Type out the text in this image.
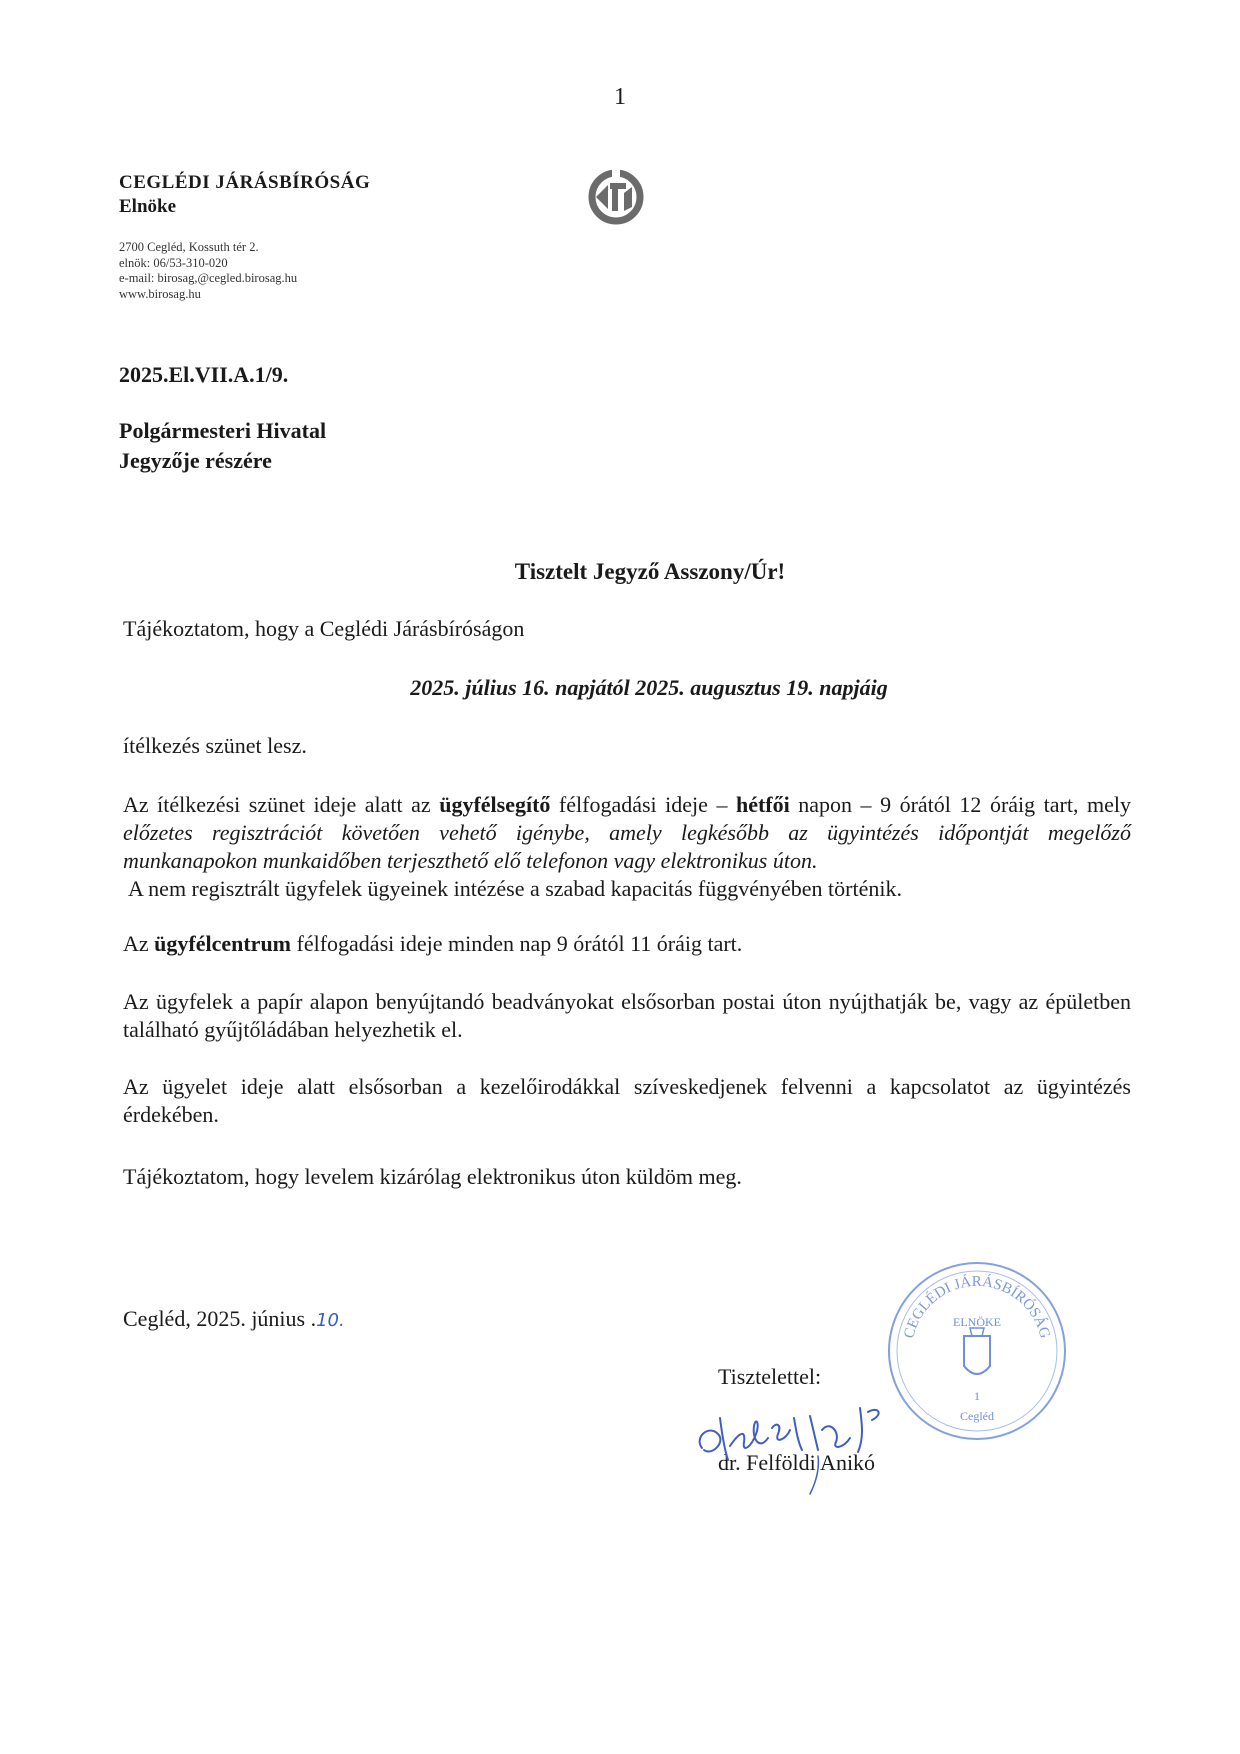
1
CEGLÉDI JÁRÁSBÍRÓSÁG
Elnöke
2700 Cegléd, Kossuth tér 2.
elnök: 06/53-310-020
e-mail: birosag,@cegled.birosag.hu
www.birosag.hu
2025.El.VII.A.1/9.
Polgármesteri Hivatal
Jegyzője részére
Tisztelt Jegyző Asszony/Úr!
Tájékoztatom, hogy a Ceglédi Járásbíróságon
2025. július 16. napjától 2025. augusztus 19. napjáig
ítélkezés szünet lesz.
Az ítélkezési szünet ideje alatt az ügyfélsegítő félfogadási ideje – hétfői napon – 9 órától 12 óráig tart, mely előzetes regisztrációt követően vehető igénybe, amely legkésőbb az ügyintézés időpontját megelőző munkanapokon munkaidőben terjeszthető elő telefonon vagy elektronikus úton.
A nem regisztrált ügyfelek ügyeinek intézése a szabad kapacitás függvényében történik.
Az ügyfélcentrum félfogadási ideje minden nap 9 órától 11 óráig tart.
Az ügyfelek a papír alapon benyújtandó beadványokat elsősorban postai úton nyújthatják be, vagy az épületben található gyűjtőládában helyezhetik el.
Az ügyelet ideje alatt elsősorban a kezelőirodákkal szíveskedjenek felvenni a kapcsolatot az ügyintézés érdekében.
Tájékoztatom, hogy levelem kizárólag elektronikus úton küldöm meg.
Cegléd, 2025. június .10.
CEGLÉDI JÁRÁSBÍRÓSÁG
ELNÖKE
1
Cegléd
Tisztelettel:
dr. Felföldi Anikó
